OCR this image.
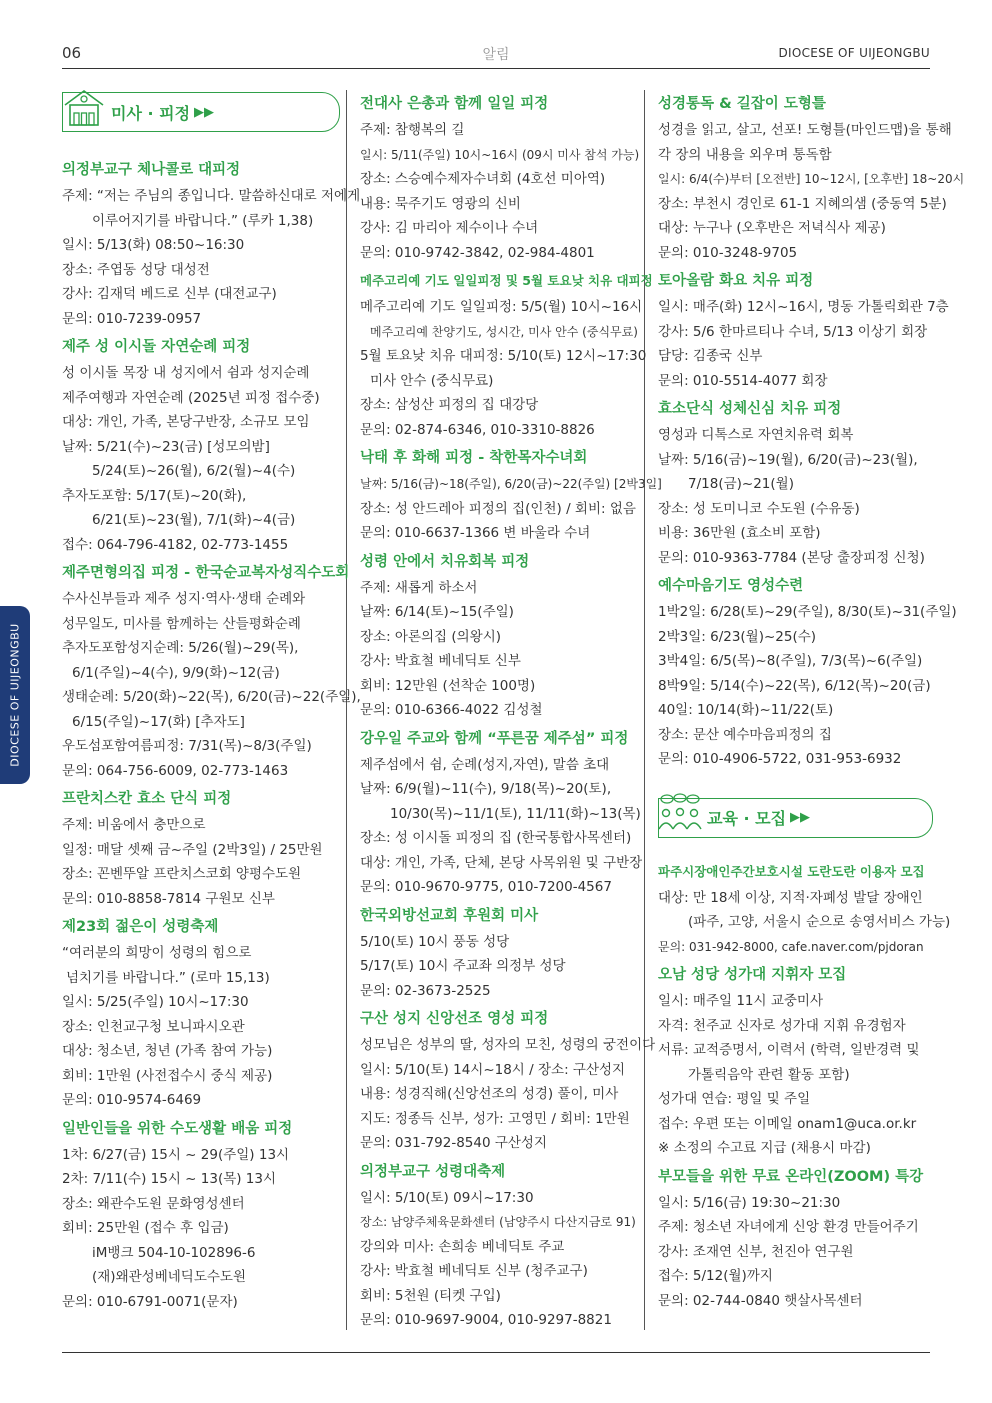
06	알림	DIOCESE OF UIJEONGBU
DIOCESE OF UIJEONGBU
미사 · 피정 ▶▶
의정부교구 체나콜로 대피정
주제: “저는 주님의 종입니다. 말씀하신대로 저에게
이루어지기를 바랍니다.” (루카 1,38)
일시: 5/13(화) 08:50~16:30
장소: 주엽동 성당 대성전
강사: 김재덕 베드로 신부 (대전교구)
문의: 010-7239-0957
제주 성 이시돌 자연순례 피정
성 이시돌 목장 내 성지에서 쉼과 성지순례
제주여행과 자연순례 (2025년 피정 접수중)
대상: 개인, 가족, 본당구반장, 소규모 모임
날짜: 5/21(수)~23(금) [성모의밤]
5/24(토)~26(월), 6/2(월)~4(수)
추자도포함: 5/17(토)~20(화),
6/21(토)~23(월), 7/1(화)~4(금)
접수: 064-796-4182, 02-773-1455
제주면형의집 피정 - 한국순교복자성직수도회
수사신부들과 제주 성지·역사·생태 순례와
성무일도, 미사를 함께하는 산들평화순례
추자도포함성지순례: 5/26(월)~29(목),
6/1(주일)~4(수), 9/9(화)~12(금)
생태순례: 5/20(화)~22(목), 6/20(금)~22(주일),
6/15(주일)~17(화) [추자도]
우도섬포함여름피정: 7/31(목)~8/3(주일)
문의: 064-756-6009, 02-773-1463
프란치스칸 효소 단식 피정
주제: 비움에서 충만으로
일정: 매달 셋째 금~주일 (2박3일) / 25만원
장소: 꼰벤뚜알 프란치스코회 양평수도원
문의: 010-8858-7814 구원모 신부
제23회 젊은이 성령축제
“여러분의 희망이 성령의 힘으로
넘치기를 바랍니다.” (로마 15,13)
일시: 5/25(주일) 10시~17:30
장소: 인천교구청 보니파시오관
대상: 청소년, 청년 (가족 참여 가능)
회비: 1만원 (사전접수시 중식 제공)
문의: 010-9574-6469
일반인들을 위한 수도생활 배움 피정
1차: 6/27(금) 15시 ~ 29(주일) 13시
2차: 7/11(수) 15시 ~ 13(목) 13시
장소: 왜관수도원 문화영성센터
회비: 25만원 (접수 후 입금)
iM뱅크 504-10-102896-6
(재)왜관성베네딕도수도원
문의: 010-6791-0071(문자)
전대사 은총과 함께 일일 피정
주제: 참행복의 길
일시: 5/11(주일) 10시~16시 (09시 미사 참석 가능)
장소: 스승예수제자수녀회 (4호선 미아역)
내용: 묵주기도 영광의 신비
강사: 김 마리아 제수이나 수녀
문의: 010-9742-3842, 02-984-4801
메주고리예 기도 일일피정 및 5월 토요낮 치유 대피정
메주고리예 기도 일일피정: 5/5(월) 10시~16시
메주고리예 찬양기도, 성시간, 미사 안수 (중식무료)
5월 토요낮 치유 대피정: 5/10(토) 12시~17:30
미사 안수 (중식무료)
장소: 삼성산 피정의 집 대강당
문의: 02-874-6346, 010-3310-8826
낙태 후 화해 피정 - 착한목자수녀회
날짜: 5/16(금)~18(주일), 6/20(금)~22(주일) [2박3일]
장소: 성 안드레아 피정의 집(인천) / 회비: 없음
문의: 010-6637-1366 변 바울라 수녀
성령 안에서 치유회복 피정
주제: 새롭게 하소서
날짜: 6/14(토)~15(주일)
장소: 아론의집 (의왕시)
강사: 박효철 베네딕토 신부
회비: 12만원 (선착순 100명)
문의: 010-6366-4022 김성철
강우일 주교와 함께 “푸른꿈 제주섬” 피정
제주섬에서 쉼, 순례(성지,자연), 말씀 초대
날짜: 6/9(월)~11(수), 9/18(목)~20(토),
10/30(목)~11/1(토), 11/11(화)~13(목)
장소: 성 이시돌 피정의 집 (한국통합사목센터)
대상: 개인, 가족, 단체, 본당 사목위원 및 구반장
문의: 010-9670-9775, 010-7200-4567
한국외방선교회 후원회 미사
5/10(토) 10시 풍동 성당
5/17(토) 10시 주교좌 의정부 성당
문의: 02-3673-2525
구산 성지 신앙선조 영성 피정
성모님은 성부의 딸, 성자의 모친, 성령의 궁전이다
일시: 5/10(토) 14시~18시 / 장소: 구산성지
내용: 성경직해(신앙선조의 성경) 풀이, 미사
지도: 정종득 신부, 성가: 고영민 / 회비: 1만원
문의: 031-792-8540 구산성지
의정부교구 성령대축제
일시: 5/10(토) 09시~17:30
장소: 남양주체육문화센터 (남양주시 다산지금로 91)
강의와 미사: 손희송 베네딕토 주교
강사: 박효철 베네딕토 신부 (청주교구)
회비: 5천원 (티켓 구입)
문의: 010-9697-9004, 010-9297-8821
성경통독 & 길잡이 도형틀
성경을 읽고, 살고, 선포! 도형틀(마인드맵)을 통해
각 장의 내용을 외우며 통독함
일시: 6/4(수)부터 [오전반] 10~12시, [오후반] 18~20시
장소: 부천시 경인로 61-1 지혜의샘 (중동역 5분)
대상: 누구나 (오후반은 저녁식사 제공)
문의: 010-3248-9705
토아올람 화요 치유 피정
일시: 매주(화) 12시~16시, 명동 가톨릭회관 7층
강사: 5/6 한마르티나 수녀, 5/13 이상기 회장
담당: 김종국 신부
문의: 010-5514-4077 회장
효소단식 성체신심 치유 피정
영성과 디톡스로 자연치유력 회복
날짜: 5/16(금)~19(월), 6/20(금)~23(월),
7/18(금)~21(월)
장소: 성 도미니코 수도원 (수유동)
비용: 36만원 (효소비 포함)
문의: 010-9363-7784 (본당 출장피정 신청)
예수마음기도 영성수련
1박2일: 6/28(토)~29(주일), 8/30(토)~31(주일)
2박3일: 6/23(월)~25(수)
3박4일: 6/5(목)~8(주일), 7/3(목)~6(주일)
8박9일: 5/14(수)~22(목), 6/12(목)~20(금)
40일: 10/14(화)~11/22(토)
장소: 문산 예수마음피정의 집
문의: 010-4906-5722, 031-953-6932
교육 · 모집 ▶▶
파주시장애인주간보호시설 도란도란 이용자 모집
대상: 만 18세 이상, 지적·자폐성 발달 장애인
(파주, 고양, 서울시 순으로 송영서비스 가능)
문의: 031-942-8000, cafe.naver.com/pjdoran
오남 성당 성가대 지휘자 모집
일시: 매주일 11시 교중미사
자격: 천주교 신자로 성가대 지휘 유경험자
서류: 교적증명서, 이력서 (학력, 일반경력 및
가톨릭음악 관련 활동 포함)
성가대 연습: 평일 및 주일
접수: 우편 또는 이메일 onam1@uca.or.kr
※ 소정의 수고료 지급 (채용시 마감)
부모들을 위한 무료 온라인(ZOOM) 특강
일시: 5/16(금) 19:30~21:30
주제: 청소년 자녀에게 신앙 환경 만들어주기
강사: 조재연 신부, 천진아 연구원
접수: 5/12(월)까지
문의: 02-744-0840 햇살사목센터
